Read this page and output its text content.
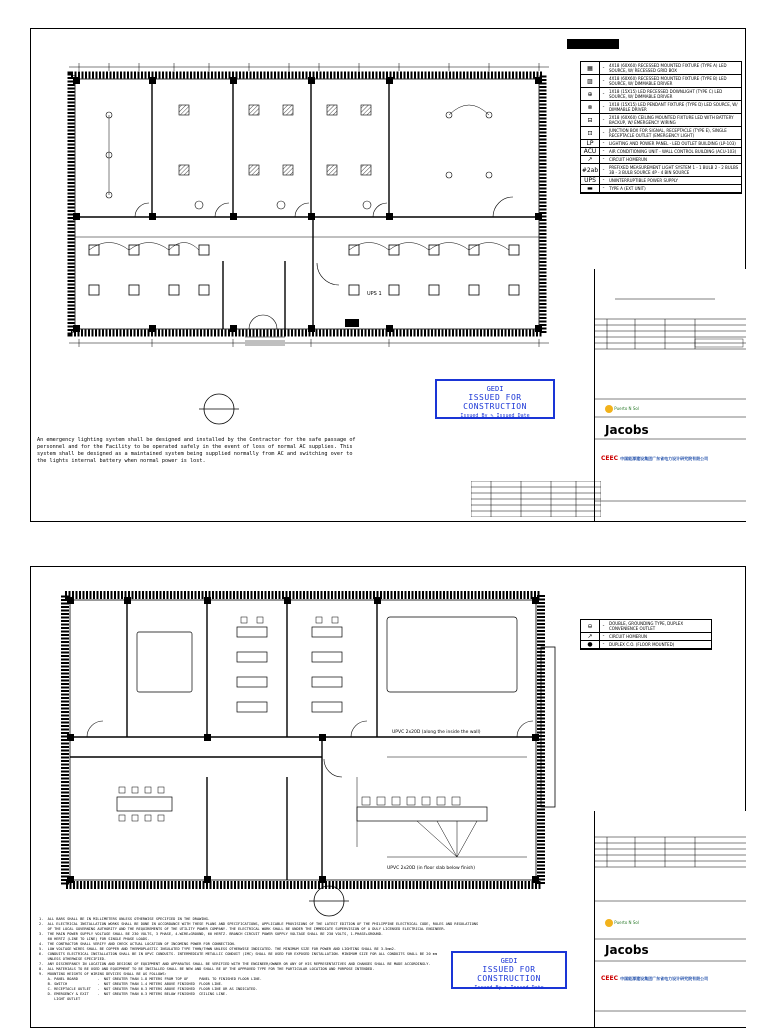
UPS 1
An emergency lighting system shall be designed and installed by the Contractor for the safe passage of personnel and for the Facility to be operated safely in the event of loss of normal AC supplies. This system shall be designed as a maintained system being supplied normally from AC and switching over to the lights internal battery when normal power is lost.
GEDI
ISSUED FOR CONSTRUCTION
Issued By ✎ Issued Date
▦	-	4X18 (60X60) RECESSED MOUNTED FIXTURE (TYPE A) LED SOURCE, W/ RECESSED GRID BOX
▨	-	4X18 (60X60) RECESSED MOUNTED FIXTURE (TYPE B) LED SOURCE, W/ DIMMABLE DRIVER
⊕	-	1X18 (15X15) LED RECESSED DOWNLIGHT (TYPE C) LED SOURCE, W/ DIMMABLE DRIVER
⊗	-	1X18 (15X15) LED PENDANT FIXTURE (TYPE D) LED SOURCE, W/ DIMMABLE DRIVER
⊟	-	2X18 (60X60) CEILING MOUNTED FIXTURE LED WITH BATTERY BACKUP, W/ EMERGENCY WIRING
⊡	-	JUNCTION BOX FOR SIGNAL, RECEPTACLE (TYPE E), SINGLE RECEPTACLE OUTLET (EMERGENCY LIGHT)
LP	-	LIGHTING AND POWER PANEL - LED OUTLET BUILDING (LP-103)
ACU	-	AIR CONDITIONING UNIT - WALL CONTROL BUILDING (ACU-103)
↗	-	CIRCUIT HOMERUN
#2ab -	PREFIXED MEASUREMENT LIGHT SYSTEM 1 - 1 BULB 2 - 2 BULBS 3B - 3 BULB SOURCE 4P - 4 BIN SOURCE
UPS	-	UNINTERRUPTIBLE POWER SUPPLY
▬	-	TYPE A (EXT UNIT)
Puerto N Sol
Jacobs
CEEC 中国能源建设集团广东省电力设计研究院有限公司
UPVC 2x20D (along the inside the wall)
UPVC 2x20D (in floor slab below finish)
1.  ALL BARS SHALL BE IN MILLIMETERS UNLESS OTHERWISE SPECIFIED IN THE DRAWING.
2.  ALL ELECTRICAL INSTALLATION WORKS SHALL BE DONE IN ACCORDANCE WITH THESE PLANS AND SPECIFICATIONS, APPLICABLE PROVISIONS OF THE LATEST EDITION OF THE PHILIPPINE ELECTRICAL CODE, RULES AND REGULATIONS
OF THE LOCAL GOVERNING AUTHORITY AND THE REQUIREMENTS OF THE UTILITY POWER COMPANY. THE ELECTRICAL WORK SHALL BE UNDER THE IMMEDIATE SUPERVISION OF A DULY LICENSED ELECTRICAL ENGINEER.
3.  THE MAIN POWER SUPPLY VOLTAGE SHALL BE 230 VOLTS, 3 PHASE, 4-WIRE+GROUND, 60 HERTZ. BRANCH CIRCUIT POWER SUPPLY VOLTAGE SHALL BE 230 VOLTS, 1-PHASE+GROUND.
60 HERTZ (LINE TO LINE) FOR SINGLE PHASE LOADS.
4.  THE CONTRACTOR SHALL VERIFY AND CHECK ACTUAL LOCATION OF INCOMING POWER FOR CONNECTION.
5.  LOW VOLTAGE WIRES SHALL BE COPPER AND THERMOPLASTIC INSULATED TYPE THHN/THWN UNLESS OTHERWISE INDICATED. THE MINIMUM SIZE FOR POWER AND LIGHTING SHALL BE 3.5mm2.
6.  CONDUITS ELECTRICAL INSTALLATION SHALL BE IN UPVC CONDUITS. INTERMEDIATE METALLIC CONDUIT (IMC) SHALL BE USED FOR EXPOSED INSTALLATION. MINIMUM SIZE FOR ALL CONDUITS SHALL BE 20 mm
UNLESS OTHERWISE SPECIFIED.
7.  ANY DISCREPANCY IN LOCATION AND DESIGNS OF EQUIPMENT AND APPARATUS SHALL BE VERIFIED WITH THE ENGINEER/OWNER OR ANY OF HIS REPRESENTATIVES AND CHANGES SHALL BE MADE ACCORDINGLY.
8.  ALL MATERIALS TO BE USED AND EQUIPMENT TO BE INSTALLED SHALL BE NEW AND SHALL BE OF THE APPROVED TYPE FOR THE PARTICULAR LOCATION AND PURPOSE INTENDED.
9.  MOUNTING HEIGHTS OF WIRING DEVICES SHALL BE AS FOLLOWS:
A. PANEL BOARD         -  NOT GREATER THAN 1.8 METERS FROM TOP OF     PANEL TO FINISHED FLOOR LINE.
B. SWITCH              -  NOT GREATER THAN 1.4 METERS ABOVE FINISHED  FLOOR LINE.
C. RECEPTACLE OUTLET   -  NOT GREATER THAN 0.3 METERS ABOVE FINISHED  FLOOR LINE OR AS INDICATED.
D. EMERGENCY & EXIT    -  NOT GREATER THAN 0.3 METERS BELOW FINISHED  CEILING LINE.
LIGHT OUTLET
GEDI
ISSUED FOR CONSTRUCTION
Issued By ✎ Issued Date
⊖	-	DOUBLE, GROUNDING TYPE, DUPLEX CONVENIENCE OUTLET
↗	-	CIRCUIT HOMERUN
●	-	DUPLEX C.O. (FLOOR MOUNTED)
Puerto N Sol
Jacobs
CEEC 中国能源建设集团广东省电力设计研究院有限公司
